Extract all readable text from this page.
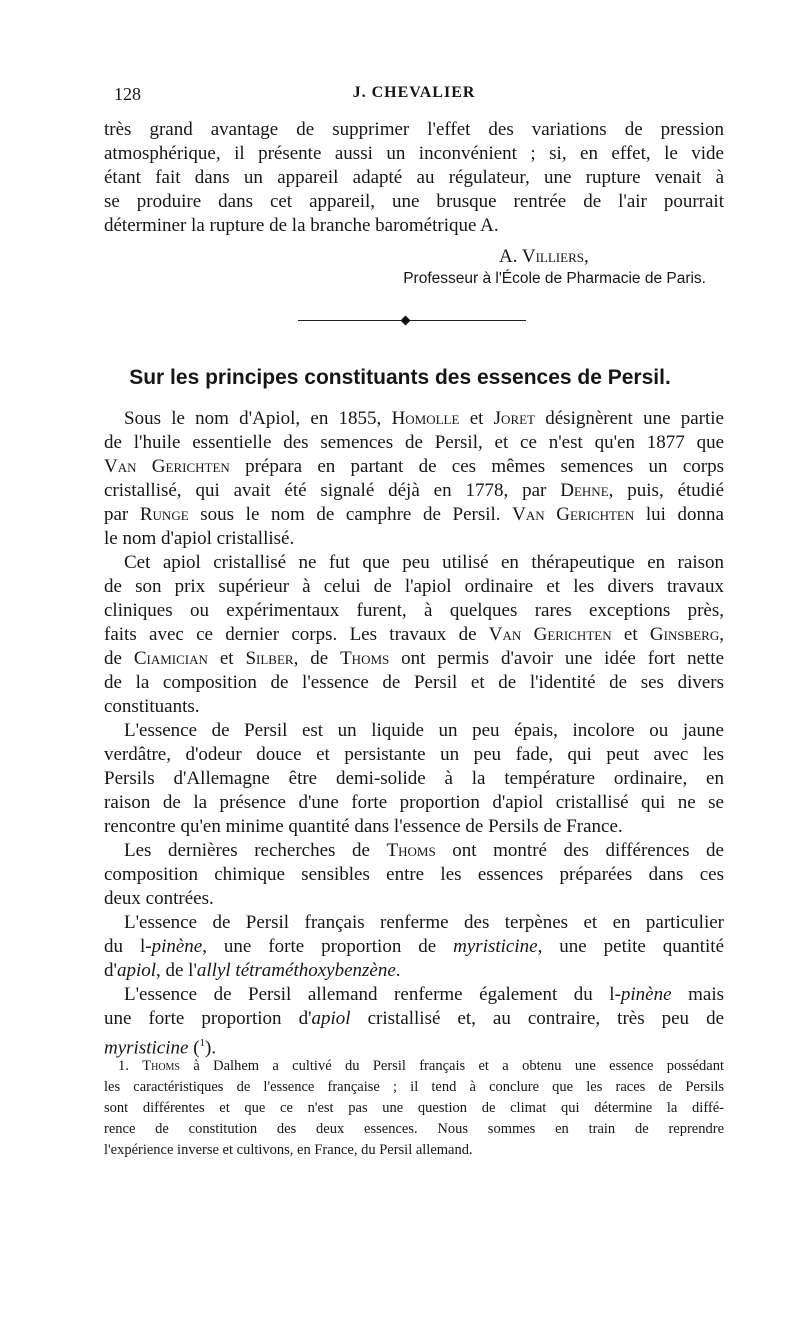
128	J. CHEVALIER
très grand avantage de supprimer l'effet des variations de pression
atmosphérique, il présente aussi un inconvénient ; si, en effet, le vide
étant fait dans un appareil adapté au régulateur, une rupture venait à
se produire dans cet appareil, une brusque rentrée de l'air pourrait
déterminer la rupture de la branche barométrique A.
A. Villiers,
Professeur à l'École de Pharmacie de Paris.
Sur les principes constituants des essences de Persil.
Sous le nom d'Apiol, en 1855, Homolle et Joret désignèrent une partie
de l'huile essentielle des semences de Persil, et ce n'est qu'en 1877 que
Van Gerichten prépara en partant de ces mêmes semences un corps
cristallisé, qui avait été signalé déjà en 1778, par Dehne, puis, étudié
par Runge sous le nom de camphre de Persil. Van Gerichten lui donna
le nom d'apiol cristallisé.
Cet apiol cristallisé ne fut que peu utilisé en thérapeutique en raison
de son prix supérieur à celui de l'apiol ordinaire et les divers travaux
cliniques ou expérimentaux furent, à quelques rares exceptions près,
faits avec ce dernier corps. Les travaux de Van Gerichten et Ginsberg,
de Ciamician et Silber, de Thoms ont permis d'avoir une idée fort nette
de la composition de l'essence de Persil et de l'identité de ses divers
constituants.
L'essence de Persil est un liquide un peu épais, incolore ou jaune
verdâtre, d'odeur douce et persistante un peu fade, qui peut avec les
Persils d'Allemagne être demi-solide à la température ordinaire, en
raison de la présence d'une forte proportion d'apiol cristallisé qui ne se
rencontre qu'en minime quantité dans l'essence de Persils de France.
Les dernières recherches de Thoms ont montré des différences de
composition chimique sensibles entre les essences préparées dans ces
deux contrées.
L'essence de Persil français renferme des terpènes et en particulier
du l-pinène, une forte proportion de myristicine, une petite quantité
d'apiol, de l'allyl tétraméthoxybenzène.
L'essence de Persil allemand renferme également du l-pinène mais
une forte proportion d'apiol cristallisé et, au contraire, très peu de
myristicine ($^1$).
1. Thoms à Dalhem a cultivé du Persil français et a obtenu une essence possédant
les caractéristiques de l'essence française ; il tend à conclure que les races de Persils
sont différentes et que ce n'est pas une question de climat qui détermine la diffé-
rence de constitution des deux essences. Nous sommes en train de reprendre
l'expérience inverse et cultivons, en France, du Persil allemand.
